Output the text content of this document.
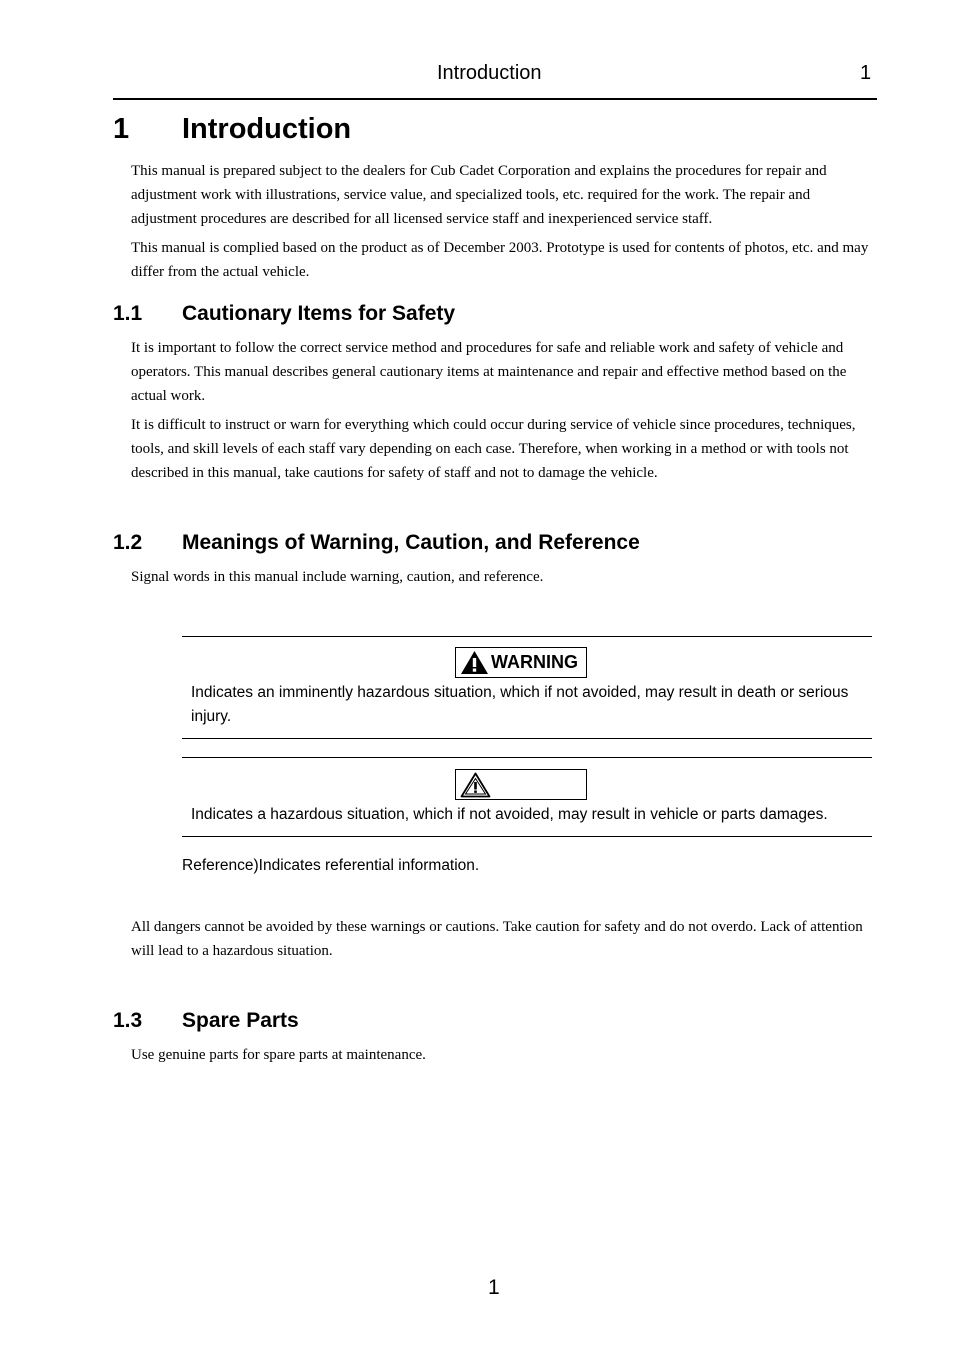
Introduction	1
1 Introduction

This manual is prepared subject to the dealers for Cub Cadet Corporation and explains the procedures for repair and adjustment work with illustrations, service value, and specialized tools, etc. required for the work. The repair and adjustment procedures are described for all licensed service staff and inexperienced service staff.

This manual is complied based on the product as of December 2003. Prototype is used for contents of photos, etc. and may differ from the actual vehicle.

1.1 Cautionary Items for Safety

It is important to follow the correct service method and procedures for safe and reliable work and safety of vehicle and operators. This manual describes general cautionary items at maintenance and repair and effective method based on the actual work.

It is difficult to instruct or warn for everything which could occur during service of vehicle since procedures, techniques, tools, and skill levels of each staff vary depending on each case. Therefore, when working in a method or with tools not described in this manual, take cautions for safety of staff and not to damage the vehicle.

1.2 Meanings of Warning, Caution, and Reference

Signal words in this manual include warning, caution, and reference.

WARNING

Indicates an imminently hazardous situation, which if not avoided, may result in death or serious injury.

Indicates a hazardous situation, which if not avoided, may result in vehicle or parts damages.

Reference)Indicates referential information.

All dangers cannot be avoided by these warnings or cautions. Take caution for safety and do not overdo. Lack of attention will lead to a hazardous situation.

1.3 Spare Parts

Use genuine parts for spare parts at maintenance.

1
